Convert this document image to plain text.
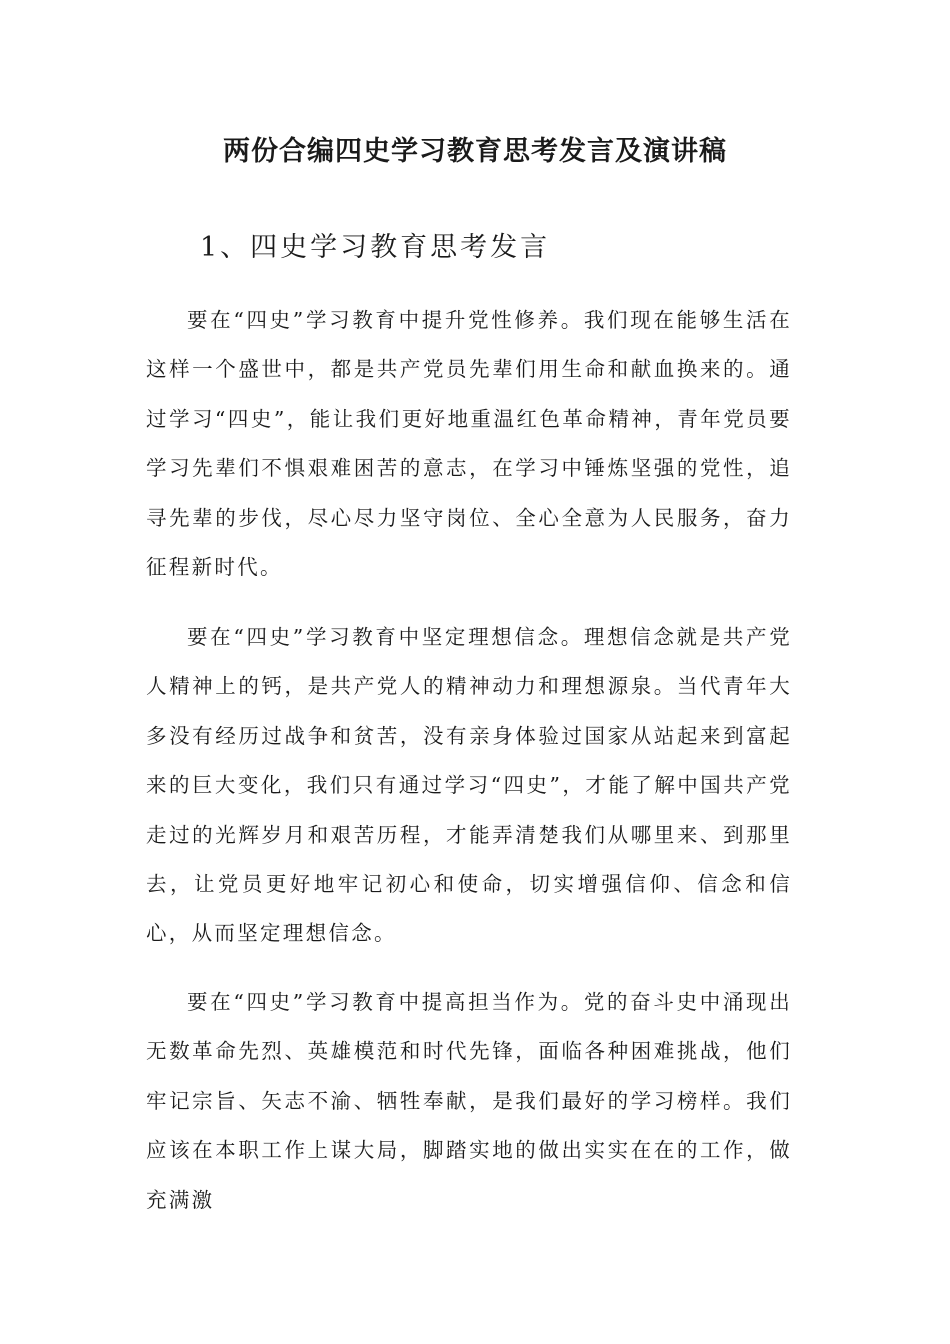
两份合编四史学习教育思考发言及演讲稿
1、四史学习教育思考发言

要在“四史”学习教育中提升党性修养。我们现在能够生活在这样一个盛世中，都是共产党员先辈们用生命和献血换来的。通过学习“四史”，能让我们更好地重温红色革命精神，青年党员要学习先辈们不惧艰难困苦的意志，在学习中锤炼坚强的党性，追寻先辈的步伐，尽心尽力坚守岗位、全心全意为人民服务，奋力征程新时代。

要在“四史”学习教育中坚定理想信念。理想信念就是共产党人精神上的钙，是共产党人的精神动力和理想源泉。当代青年大多没有经历过战争和贫苦，没有亲身体验过国家从站起来到富起来的巨大变化，我们只有通过学习“四史”，才能了解中国共产党走过的光辉岁月和艰苦历程，才能弄清楚我们从哪里来、到那里去，让党员更好地牢记初心和使命，切实增强信仰、信念和信心，从而坚定理想信念。

要在“四史”学习教育中提高担当作为。党的奋斗史中涌现出无数革命先烈、英雄模范和时代先锋，面临各种困难挑战，他们牢记宗旨、矢志不渝、牺牲奉献，是我们最好的学习榜样。我们应该在本职工作上谋大局，脚踏实地的做出实实在在的工作，做充满激
